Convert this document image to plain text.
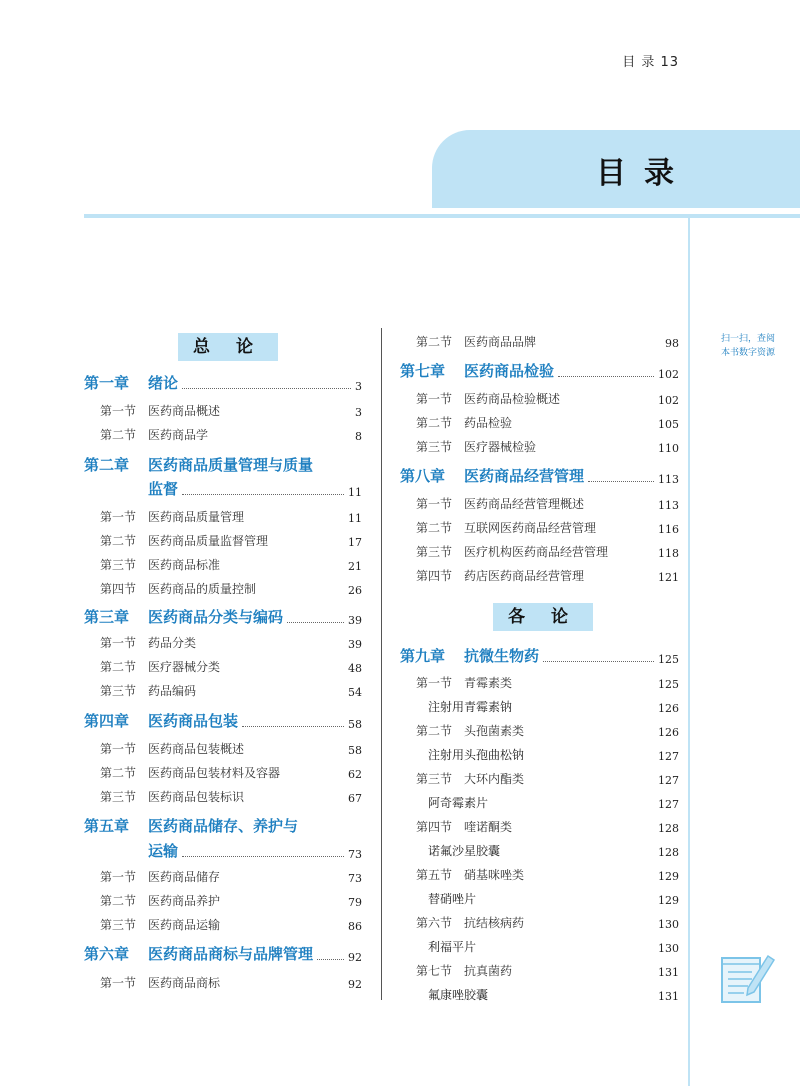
目 录 13
目录
扫一扫，查阅
本书数字资源
总 论
各 论
第一章	绪论	3
第一节 医药商品概述	3
第二节 医药商品学	8
第二章	医药商品质量管理与质量
监督	11
第一节 医药商品质量管理	11
第二节 医药商品质量监督管理	17
第三节 医药商品标准	21
第四节 医药商品的质量控制	26
第三章	医药商品分类与编码	39
第一节 药品分类	39
第二节 医疗器械分类	48
第三节 药品编码	54
第四章	医药商品包装	58
第一节 医药商品包装概述	58
第二节 医药商品包装材料及容器	62
第三节 医药商品包装标识	67
第五章	医药商品储存、养护与
运输	73
第一节 医药商品储存	73
第二节 医药商品养护	79
第三节 医药商品运输	86
第六章	医药商品商标与品牌管理	92
第一节 医药商品商标	92
第二节 医药商品品牌	98
第七章	医药商品检验	102
第一节 医药商品检验概述	102
第二节 药品检验	105
第三节 医疗器械检验	110
第八章	医药商品经营管理	113
第一节 医药商品经营管理概述	113
第二节 互联网医药商品经营管理	116
第三节 医疗机构医药商品经营管理	118
第四节 药店医药商品经营管理	121
第九章	抗微生物药	125
第一节 青霉素类	125
注射用青霉素钠	126
第二节 头孢菌素类	126
注射用头孢曲松钠	127
第三节 大环内酯类	127
阿奇霉素片	127
第四节 喹诺酮类	128
诺氟沙星胶囊	128
第五节 硝基咪唑类	129
替硝唑片	129
第六节 抗结核病药	130
利福平片	130
第七节 抗真菌药	131
氟康唑胶囊	131
